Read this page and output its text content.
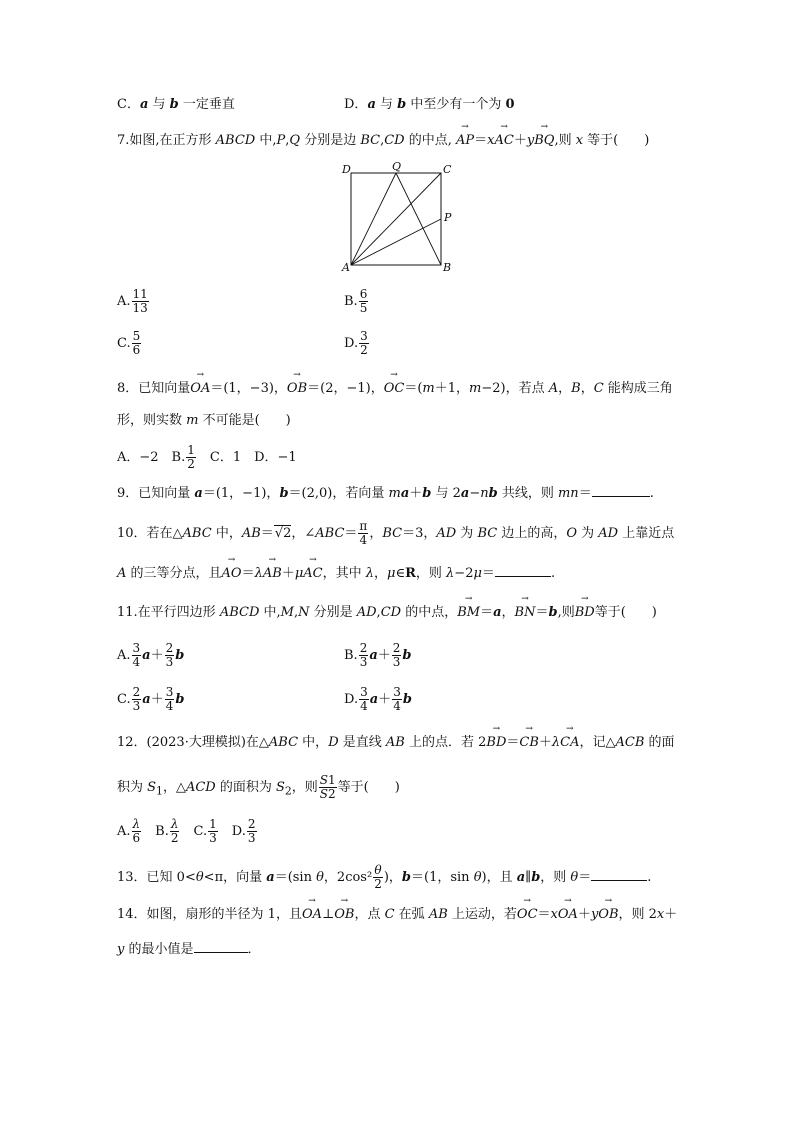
C．a 与 b 一定垂直	D．a 与 b 中至少有一个为 0
7.如图,在正方形 ABCD 中,P,Q 分别是边 BC,CD 的中点, → AP＝x→ AC＋y→ BQ,则 x 等于(　　)
D	Q	C
P
A	B
A. $\frac{11}{13}$	B. $\frac{6}{5}$
C. $\frac{5}{6}$	D. $\frac{3}{2}$
8．已知向量→ OA＝(1，−3)，→ OB＝(2，−1)，→ OC＝(m＋1，m−2)，若点 A，B，C 能构成三角
形，则实数 m 不可能是(　　)
A．−2　B. $\frac{1}{2}$ 　C．1　D．−1
9．已知向量 a＝(1，−1)，b＝(2,0)，若向量 ma＋b 与 2a−nb 共线，则 mn＝	.
10．若在△ABC 中，AB＝√2，∠ABC＝ $\frac{\pi}{4}$ ，BC＝3，AD 为 BC 边上的高，O 为 AD 上靠近点
A 的三等分点，且→ AO＝λ→ AB＋μ→ AC，其中 λ，μ∈R，则 λ−2μ＝	.
11.在平行四边形 ABCD 中,M,N 分别是 AD,CD 的中点，→ BM＝a，→ BN＝b,则→ BD等于(　　)
A. $\frac{3}{4} a+ \frac{2}{3}$ b	B. $\frac{2}{3} a+ \frac{2}{3}$ b
C. $\frac{2}{3} a+ \frac{3}{4}$ b	D. $\frac{3}{4} a+ \frac{3}{4}$ b
12．(2023·大理模拟)在△ABC 中，D 是直线 AB 上的点．若 2→ BD＝→ CB＋λ→ CA，记△ACB 的面
积为 $S_1$，△ACD 的面积为 $S_2$，则 $\frac{S1}{S2}$ 等于(　　)
A. $\frac{\lambda}{6}$ 　B. $\frac{\lambda}{2}$ 　C. $\frac{1}{3}$ 　D. $\frac{2}{3}$
13．已知 0<θ<π，向量 a＝(sin θ，$2\cos^2 \frac{\theta}{2}$ )，b＝(1，sin θ)，且 a∥b，则 θ＝	.
14．如图，扇形的半径为 1，且→ OA⊥→ OB，点 C 在弧 AB 上运动，若→ OC＝x→ OA＋y→ OB，则 2x＋
y 的最小值是	．
